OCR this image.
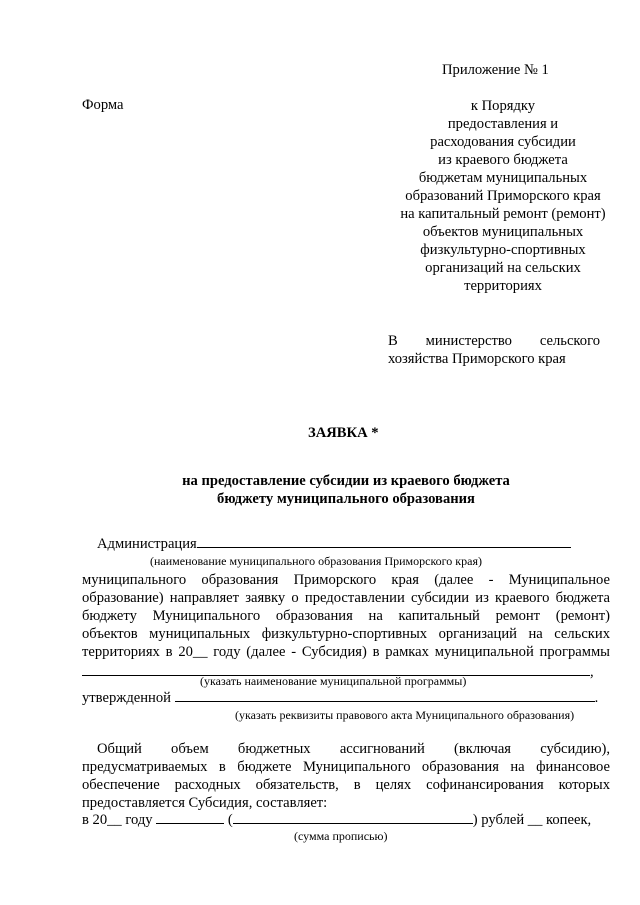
Приложение № 1
Форма	к Порядку
предоставления и
расходования субсидии
из краевого бюджета
бюджетам муниципальных
образований Приморского края
на капитальный ремонт (ремонт)
объектов муниципальных
физкультурно-спортивных
организаций на сельских
территориях
В министерство сельского
хозяйства Приморского края
ЗАЯВКА *
на предоставление субсидии из краевого бюджета
бюджету муниципального образования
Администрация
(наименование муниципального образования Приморского края)
муниципального образования Приморского края (далее - Муниципальное
образование) направляет заявку о предоставлении субсидии из краевого бюджета
бюджету Муниципального образования на капитальный ремонт (ремонт)
объектов муниципальных физкультурно-спортивных организаций на сельских
территориях в 20__ году (далее - Субсидия) в рамках муниципальной программы
,
(указать наименование муниципальной программы)
утвержденной	.
(указать реквизиты правового акта Муниципального образования)
Общий объем бюджетных ассигнований (включая субсидию),
предусматриваемых в бюджете Муниципального образования на финансовое
обеспечение расходных обязательств, в целях софинансирования которых
предоставляется Субсидия, составляет:
в 20__ году	(	) рублей __ копеек,
(сумма прописью)
